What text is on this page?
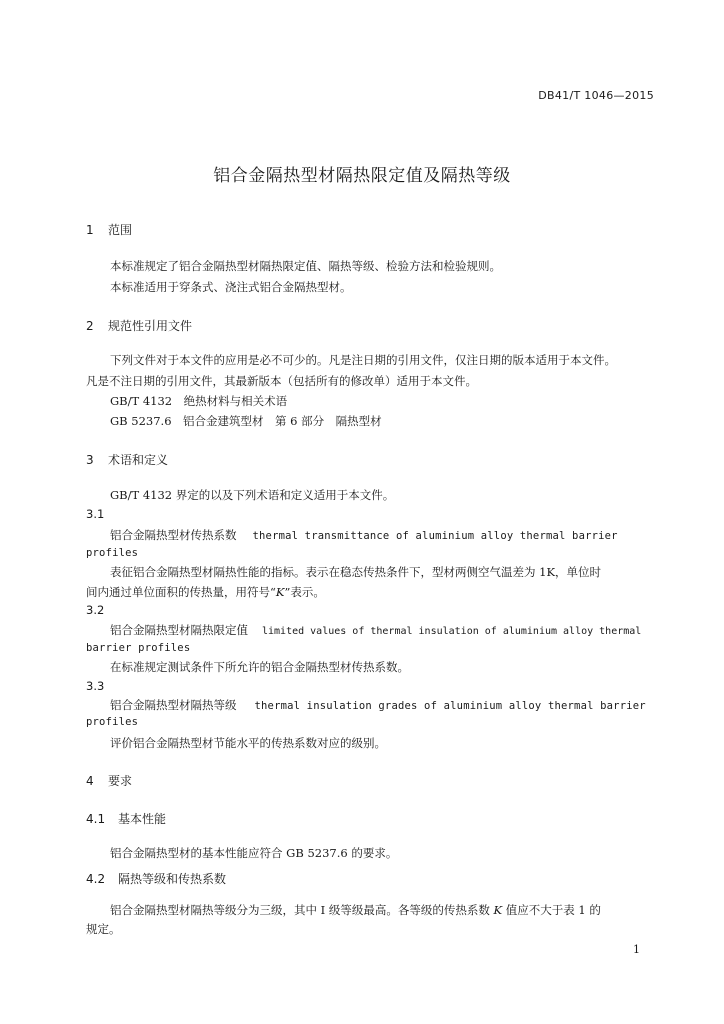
DB41/T 1046—2015
铝合金隔热型材隔热限定值及隔热等级
1 范围
本标准规定了铝合金隔热型材隔热限定值、隔热等级、检验方法和检验规则。
本标准适用于穿条式、浇注式铝合金隔热型材。
2 规范性引用文件
下列文件对于本文件的应用是必不可少的。凡是注日期的引用文件，仅注日期的版本适用于本文件。
凡是不注日期的引用文件，其最新版本（包括所有的修改单）适用于本文件。
GB/T 4132　绝热材料与相关术语
GB 5237.6　铝合金建筑型材　第 6 部分　隔热型材
3 术语和定义
GB/T 4132 界定的以及下列术语和定义适用于本文件。
3.1
铝合金隔热型材传热系数 thermal transmittance of aluminium alloy thermal barrier
profiles
表征铝合金隔热型材隔热性能的指标。表示在稳态传热条件下，型材两侧空气温差为 1K，单位时
间内通过单位面积的传热量，用符号“K”表示。
3.2
铝合金隔热型材隔热限定值 limited values of thermal insulation of aluminium alloy thermal
barrier profiles
在标准规定测试条件下所允许的铝合金隔热型材传热系数。
3.3
铝合金隔热型材隔热等级 thermal insulation grades of aluminium alloy thermal barrier
profiles
评价铝合金隔热型材节能水平的传热系数对应的级别。
4 要求
4.1 基本性能
铝合金隔热型材的基本性能应符合 GB 5237.6 的要求。
4.2 隔热等级和传热系数
铝合金隔热型材隔热等级分为三级，其中 I 级等级最高。各等级的传热系数 K 值应不大于表 1 的
规定。
1
